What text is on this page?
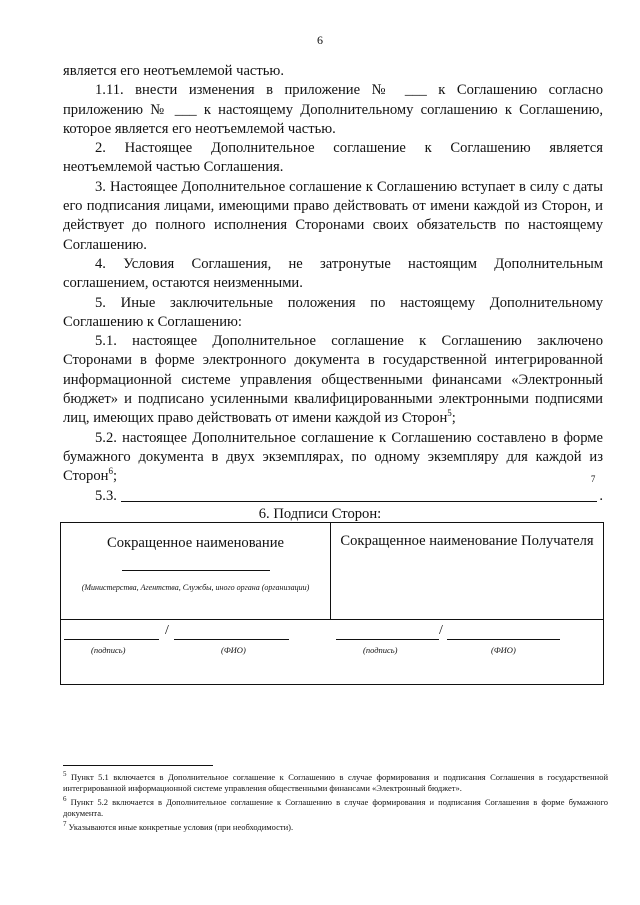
6

является его неотъемлемой частью.

1.11. внести изменения в приложение № ___ к Соглашению согласно приложению № ___ к настоящему Дополнительному соглашению к Соглашению, которое является его неотъемлемой частью.

2. Настоящее Дополнительное соглашение к Соглашению является неотъемлемой частью Соглашения.

3. Настоящее Дополнительное соглашение к Соглашению вступает в силу с даты его подписания лицами, имеющими право действовать от имени каждой из Сторон, и действует до полного исполнения Сторонами своих обязательств по настоящему Соглашению.

4. Условия Соглашения, не затронутые настоящим Дополнительным соглашением, остаются неизменными.

5. Иные заключительные положения по настоящему Дополнительному Соглашению к Соглашению:

5.1. настоящее Дополнительное соглашение к Соглашению заключено Сторонами в форме электронного документа в государственной интегрированной информационной системе управления общественными финансами «Электронный бюджет» и подписано усиленными квалифицированными электронными подписями лиц, имеющих право действовать от имени каждой из Сторон$^5$;

5.2. настоящее Дополнительное соглашение к Соглашению составлено в форме бумажного документа в двух экземплярах, по одному экземпляру для каждой из Сторон$^6$;

5.3.
7
.
6. Подписи Сторон:
Сокращенное наименование
(Министерства, Агентства, Службы, иного органа (организации)
Сокращенное наименование Получателя
/
(подпись)	(ФИО)
/
(подпись)	(ФИО)
$^5$ Пункт 5.1 включается в Дополнительное соглашение к Соглашению в случае формирования и подписания Соглашения в государственной интегрированной информационной системе управления общественными финансами «Электронный бюджет».
$^6$ Пункт 5.2 включается в Дополнительное соглашение к Соглашению в случае формирования и подписания Соглашения в форме бумажного документа.
$^7$ Указываются иные конкретные условия (при необходимости).
